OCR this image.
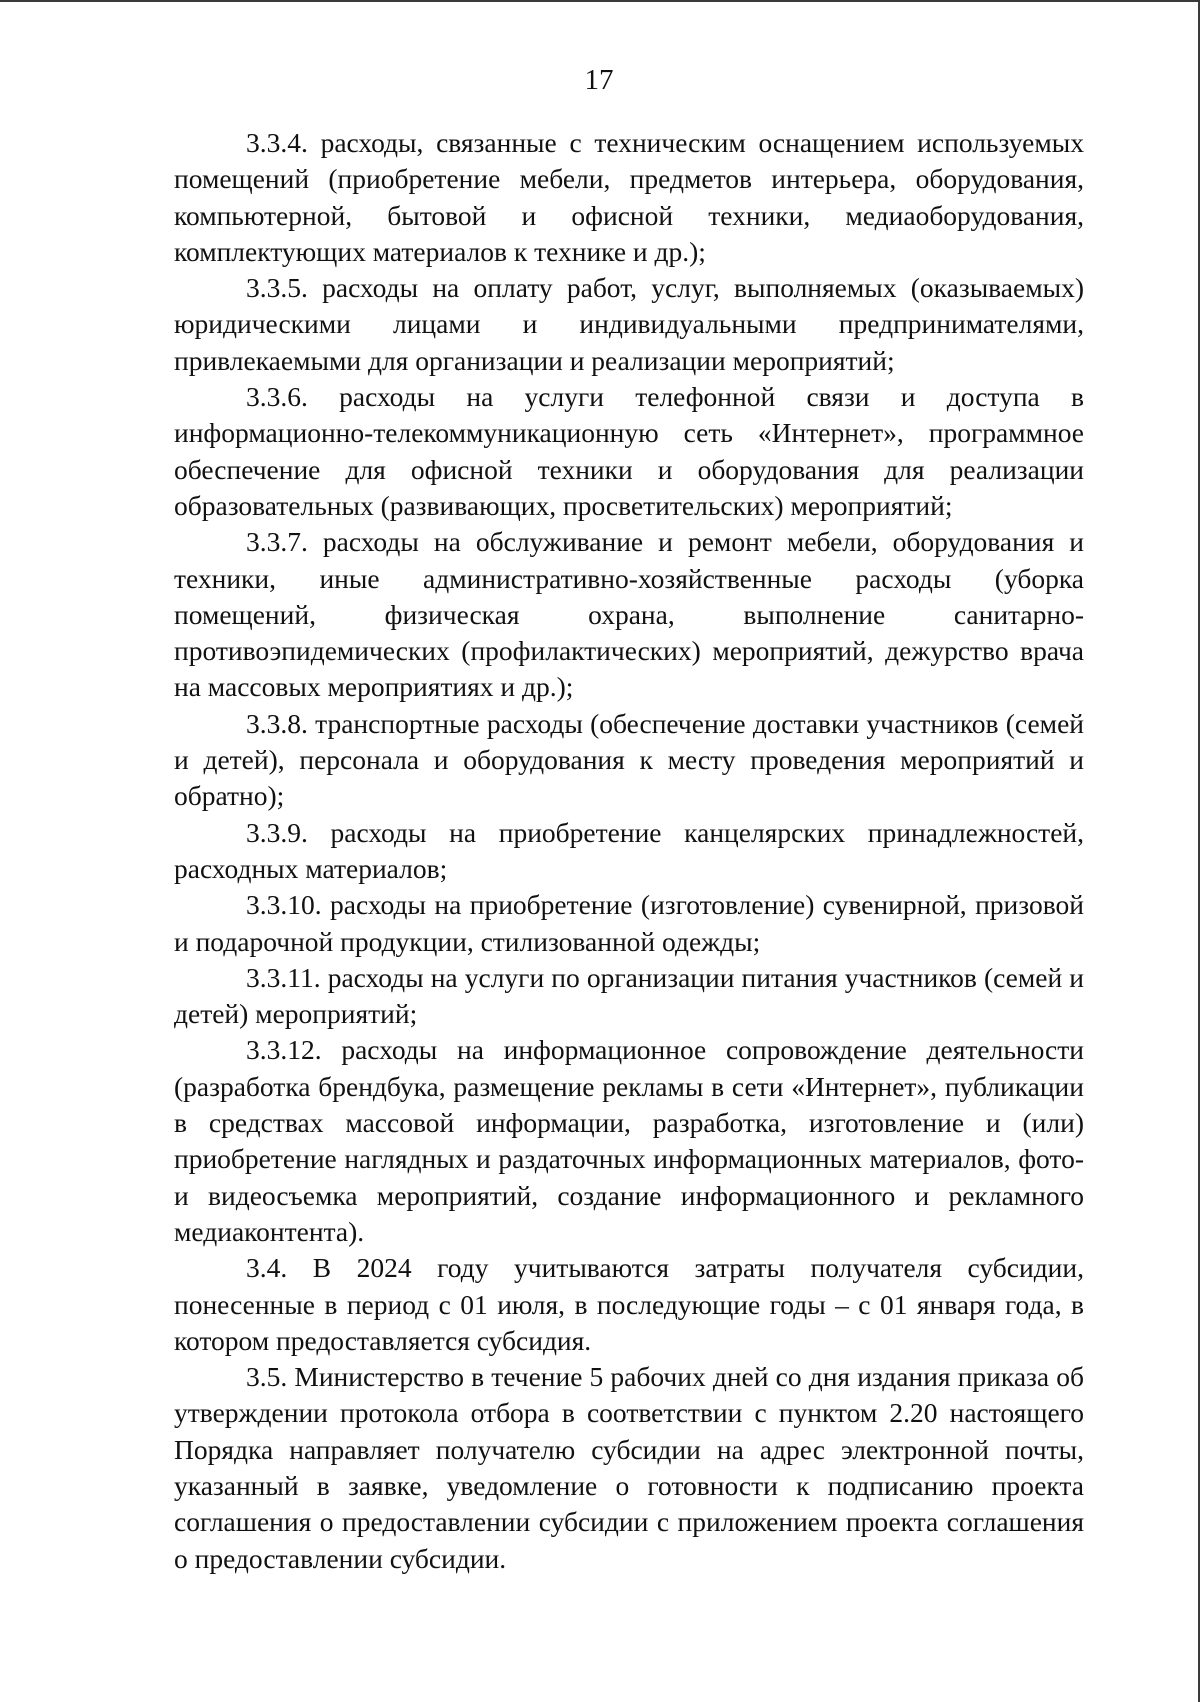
17

3.3.4. расходы, связанные с техническим оснащением используемых помещений (приобретение мебели, предметов интерьера, оборудования, компьютерной, бытовой и офисной техники, медиаоборудования, комплектующих материалов к технике и др.);

3.3.5. расходы на оплату работ, услуг, выполняемых (оказываемых) юридическими лицами и индивидуальными предпринимателями, привлекаемыми для организации и реализации мероприятий;

3.3.6. расходы на услуги телефонной связи и доступа в информационно-телекоммуникационную сеть «Интернет», программное обеспечение для офисной техники и оборудования для реализации образовательных (развивающих, просветительских) мероприятий;

3.3.7. расходы на обслуживание и ремонт мебели, оборудования и техники, иные административно-хозяйственные расходы (уборка помещений, физическая охрана, выполнение санитарно-противоэпидемических (профилактических) мероприятий, дежурство врача на массовых мероприятиях и др.);

3.3.8. транспортные расходы (обеспечение доставки участников (семей и детей), персонала и оборудования к месту проведения мероприятий и обратно);

3.3.9. расходы на приобретение канцелярских принадлежностей, расходных материалов;

3.3.10. расходы на приобретение (изготовление) сувенирной, призовой и подарочной продукции, стилизованной одежды;

3.3.11. расходы на услуги по организации питания участников (семей и детей) мероприятий;

3.3.12. расходы на информационное сопровождение деятельности (разработка брендбука, размещение рекламы в сети «Интернет», публикации в средствах массовой информации, разработка, изготовление и (или) приобретение наглядных и раздаточных информационных материалов, фото- и видеосъемка мероприятий, создание информационного и рекламного медиаконтента).

3.4. В 2024 году учитываются затраты получателя субсидии, понесенные в период с 01 июля, в последующие годы – с 01 января года, в котором предоставляется субсидия.

3.5. Министерство в течение 5 рабочих дней со дня издания приказа об утверждении протокола отбора в соответствии с пунктом 2.20 настоящего Порядка направляет получателю субсидии на адрес электронной почты, указанный в заявке, уведомление о готовности к подписанию проекта соглашения о предоставлении субсидии с приложением проекта соглашения о предоставлении субсидии.
